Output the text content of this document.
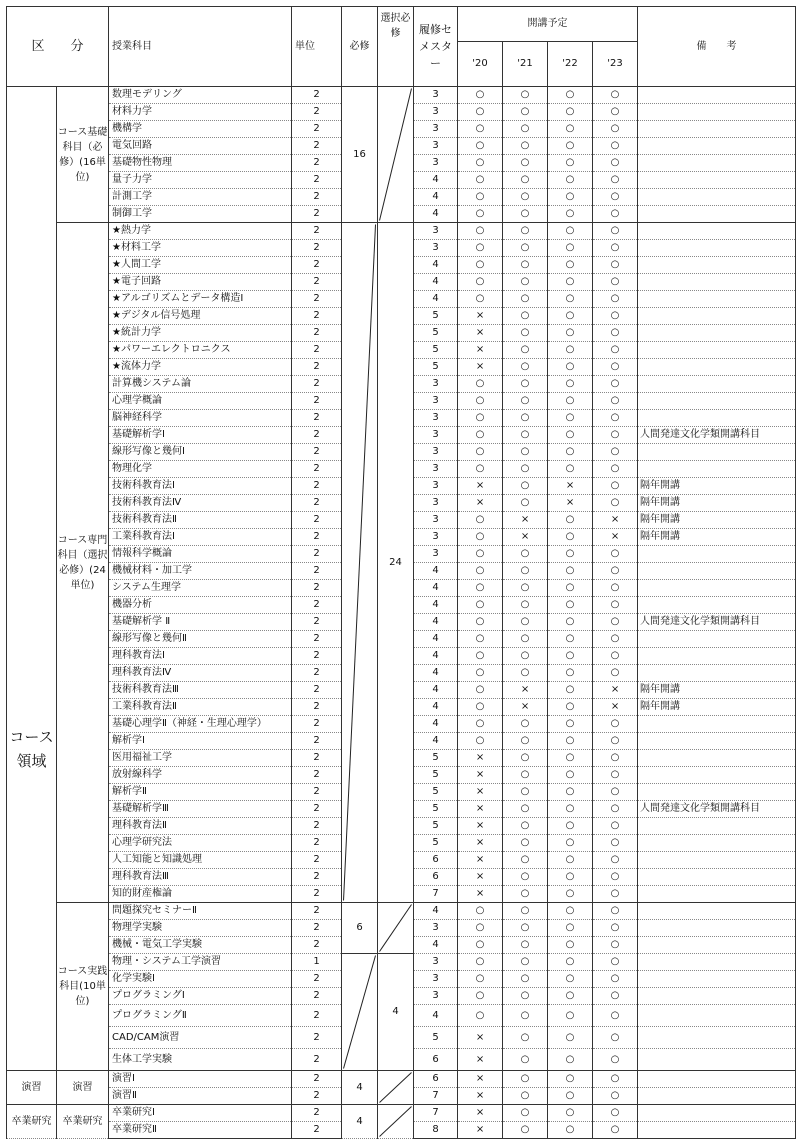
区　　分		授業科目	単位	必修	選択必修	履修セメスター	開講予定				備　　考
							'20	'21	'22	'23	
コース領域	コース基礎科目（必修）(16単位)	数理モデリング	2	16		3	○	○	○	○	
		材料力学	2			3	○	○	○	○	
		機構学	2			3	○	○	○	○	
		電気回路	2			3	○	○	○	○	
		基礎物性物理	2			3	○	○	○	○	
		量子力学	2			4	○	○	○	○	
		計測工学	2			4	○	○	○	○	
		制御工学	2			4	○	○	○	○	
	コース専門科目（選択必修）(24単位)	★熱力学	2		24	3	○	○	○	○	
		★材料工学	2			3	○	○	○	○	
		★人間工学	2			4	○	○	○	○	
		★電子回路	2			4	○	○	○	○	
		★アルゴリズムとデータ構造Ⅰ	2			4	○	○	○	○	
		★デジタル信号処理	2			5	×	○	○	○	
		★統計力学	2			5	×	○	○	○	
		★パワーエレクトロニクス	2			5	×	○	○	○	
		★流体力学	2			5	×	○	○	○	
		計算機システム論	2			3	○	○	○	○	
		心理学概論	2			3	○	○	○	○	
		脳神経科学	2			3	○	○	○	○	
		基礎解析学Ⅰ	2			3	○	○	○	○	人間発達文化学類開講科目
		線形写像と幾何Ⅰ	2			3	○	○	○	○	
		物理化学	2			3	○	○	○	○	
		技術科教育法Ⅰ	2			3	×	○	×	○	隔年開講
		技術科教育法Ⅳ	2			3	×	○	×	○	隔年開講
		技術科教育法Ⅱ	2			3	○	×	○	×	隔年開講
		工業科教育法Ⅰ	2			3	○	×	○	×	隔年開講
		情報科学概論	2			3	○	○	○	○	
		機械材料・加工学	2			4	○	○	○	○	
		システム生理学	2			4	○	○	○	○	
		機器分析	2			4	○	○	○	○	
		基礎解析学 Ⅱ	2			4	○	○	○	○	人間発達文化学類開講科目
		線形写像と幾何Ⅱ	2			4	○	○	○	○	
		理科教育法Ⅰ	2			4	○	○	○	○	
		理科教育法Ⅳ	2			4	○	○	○	○	
		技術科教育法Ⅲ	2			4	○	×	○	×	隔年開講
		工業科教育法Ⅱ	2			4	○	×	○	×	隔年開講
		基礎心理学Ⅱ（神経・生理心理学）	2			4	○	○	○	○	
		解析学Ⅰ	2			4	○	○	○	○	
		医用福祉工学	2			5	×	○	○	○	
		放射線科学	2			5	×	○	○	○	
		解析学Ⅱ	2			5	×	○	○	○	
		基礎解析学Ⅲ	2			5	×	○	○	○	人間発達文化学類開講科目
		理科教育法Ⅱ	2			5	×	○	○	○	
		心理学研究法	2			5	×	○	○	○	
		人工知能と知識処理	2			6	×	○	○	○	
		理科教育法Ⅲ	2			6	×	○	○	○	
		知的財産権論	2			7	×	○	○	○	
	コース実践科目(10単位)	問題探究セミナーⅡ	2	6		4	○	○	○	○	
		物理学実験	2			3	○	○	○	○	
		機械・電気工学実験	2			4	○	○	○	○	
		物理・システム工学演習	1		4	3	○	○	○	○	
		化学実験Ⅰ	2			3	○	○	○	○	
		プログラミングⅠ	2			3	○	○	○	○	
		プログラミングⅡ	2			4	○	○	○	○	
		CAD/CAM演習	2			5	×	○	○	○	
		生体工学実験	2			6	×	○	○	○	
演習	演習	演習Ⅰ	2	4		6	×	○	○	○	
		演習Ⅱ	2			7	×	○	○	○	
卒業研究	卒業研究	卒業研究Ⅰ	2	4		7	×	○	○	○	
		卒業研究Ⅱ	2			8	×	○	○	○	
